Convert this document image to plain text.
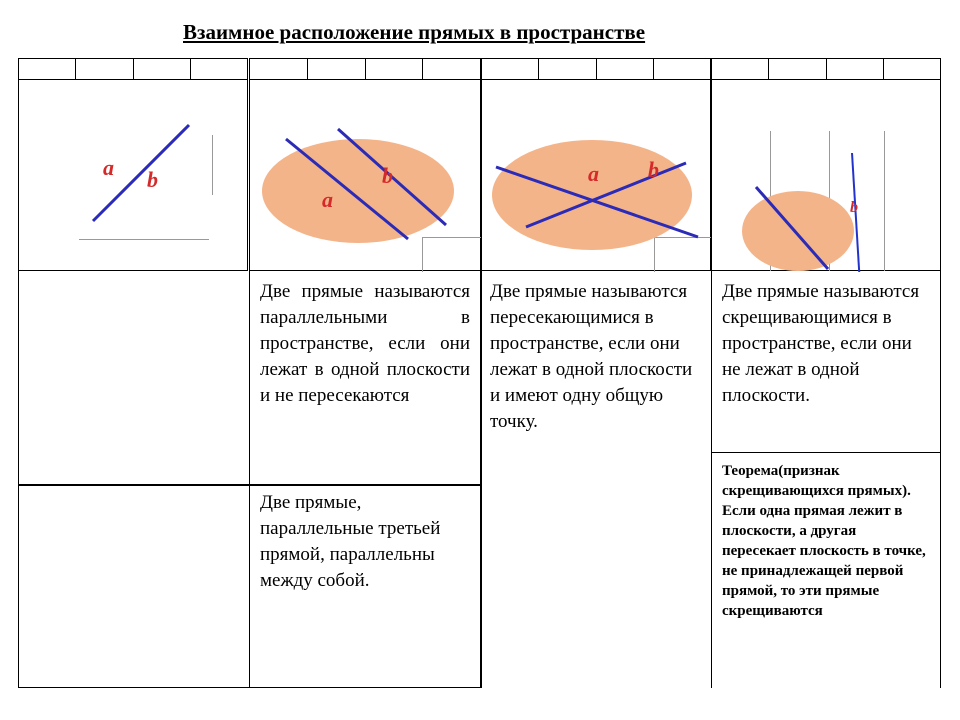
Взаимное расположение прямых в пространстве
a b
a
b	a b
b
Две прямые называются параллельными в пространстве, если они лежат в одной плоскости и не пересекаются
Две прямые, параллельные третьей прямой, параллельны между собой.
Две прямые называются пересекающимися в пространстве, если они лежат в одной плоскости и имеют одну общую точку.
Две прямые называются скрещивающимися в пространстве, если они не лежат в одной плоскости.
Теорема(признак скрещивающихся прямых). Если одна прямая лежит в плоскости, а другая пересекает плоскость в точке, не принадлежащей первой прямой, то эти прямые скрещиваются
